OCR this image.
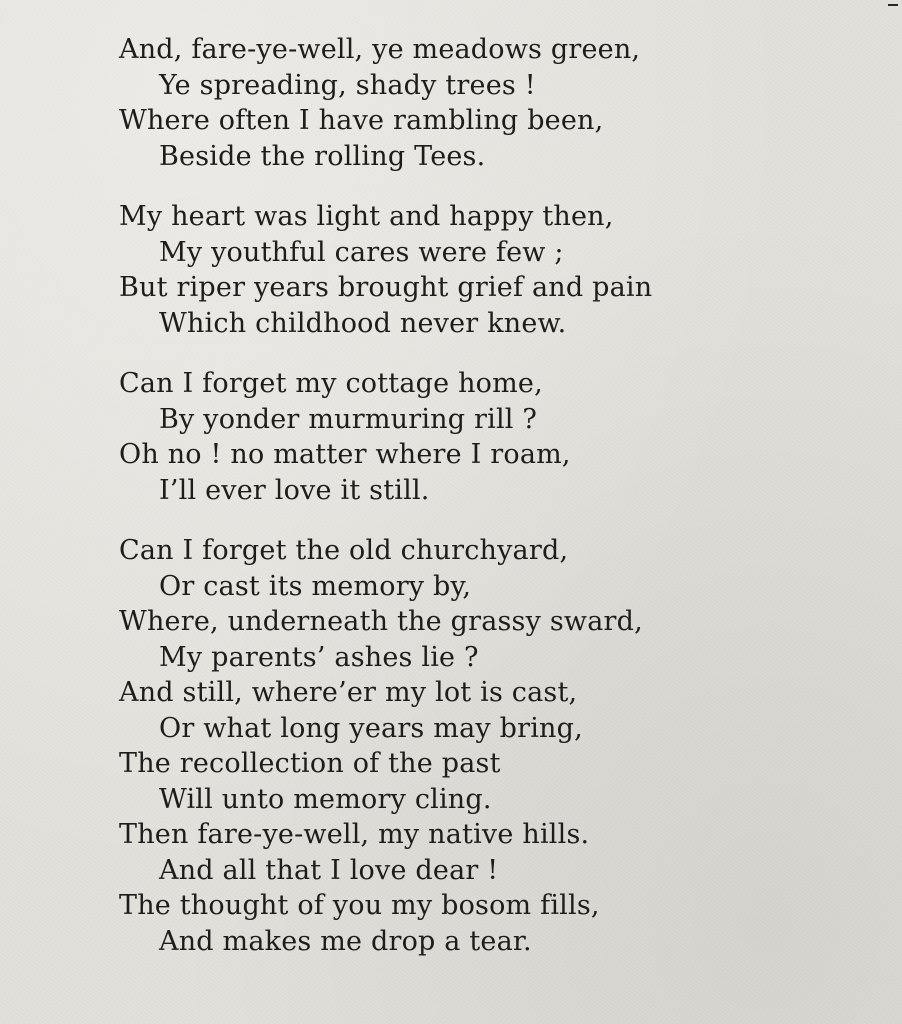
And, fare-ye-well, ye meadows green,
Ye spreading, shady trees !
Where often I have rambling been,
Beside the rolling Tees.
My heart was light and happy then,
My youthful cares were few ;
But riper years brought grief and pain
Which childhood never knew.
Can I forget my cottage home,
By yonder murmuring rill ?
Oh no ! no matter where I roam,
I’ll ever love it still.
Can I forget the old churchyard,
Or cast its memory by,
Where, underneath the grassy sward,
My parents’ ashes lie ?
And still, where’er my lot is cast,
Or what long years may bring,
The recollection of the past
Will unto memory cling.
Then fare-ye-well, my native hills.
And all that I love dear !
The thought of you my bosom fills,
And makes me drop a tear.
